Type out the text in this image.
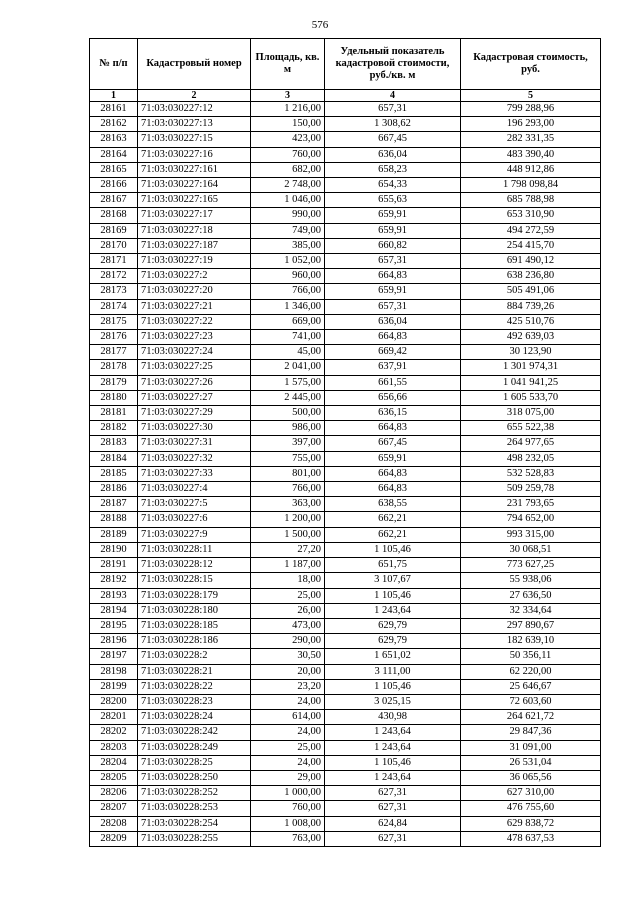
576
№ п/п	Кадастровый номер	Площадь, кв. м	Удельный показатель кадастровой стоимости, руб./кв. м	Кадастровая стоимость, руб.
1	2	3	4	5
28161	71:03:030227:12	1 216,00	657,31	799 288,96
28162	71:03:030227:13	150,00	1 308,62	196 293,00
28163	71:03:030227:15	423,00	667,45	282 331,35
28164	71:03:030227:16	760,00	636,04	483 390,40
28165	71:03:030227:161	682,00	658,23	448 912,86
28166	71:03:030227:164	2 748,00	654,33	1 798 098,84
28167	71:03:030227:165	1 046,00	655,63	685 788,98
28168	71:03:030227:17	990,00	659,91	653 310,90
28169	71:03:030227:18	749,00	659,91	494 272,59
28170	71:03:030227:187	385,00	660,82	254 415,70
28171	71:03:030227:19	1 052,00	657,31	691 490,12
28172	71:03:030227:2	960,00	664,83	638 236,80
28173	71:03:030227:20	766,00	659,91	505 491,06
28174	71:03:030227:21	1 346,00	657,31	884 739,26
28175	71:03:030227:22	669,00	636,04	425 510,76
28176	71:03:030227:23	741,00	664,83	492 639,03
28177	71:03:030227:24	45,00	669,42	30 123,90
28178	71:03:030227:25	2 041,00	637,91	1 301 974,31
28179	71:03:030227:26	1 575,00	661,55	1 041 941,25
28180	71:03:030227:27	2 445,00	656,66	1 605 533,70
28181	71:03:030227:29	500,00	636,15	318 075,00
28182	71:03:030227:30	986,00	664,83	655 522,38
28183	71:03:030227:31	397,00	667,45	264 977,65
28184	71:03:030227:32	755,00	659,91	498 232,05
28185	71:03:030227:33	801,00	664,83	532 528,83
28186	71:03:030227:4	766,00	664,83	509 259,78
28187	71:03:030227:5	363,00	638,55	231 793,65
28188	71:03:030227:6	1 200,00	662,21	794 652,00
28189	71:03:030227:9	1 500,00	662,21	993 315,00
28190	71:03:030228:11	27,20	1 105,46	30 068,51
28191	71:03:030228:12	1 187,00	651,75	773 627,25
28192	71:03:030228:15	18,00	3 107,67	55 938,06
28193	71:03:030228:179	25,00	1 105,46	27 636,50
28194	71:03:030228:180	26,00	1 243,64	32 334,64
28195	71:03:030228:185	473,00	629,79	297 890,67
28196	71:03:030228:186	290,00	629,79	182 639,10
28197	71:03:030228:2	30,50	1 651,02	50 356,11
28198	71:03:030228:21	20,00	3 111,00	62 220,00
28199	71:03:030228:22	23,20	1 105,46	25 646,67
28200	71:03:030228:23	24,00	3 025,15	72 603,60
28201	71:03:030228:24	614,00	430,98	264 621,72
28202	71:03:030228:242	24,00	1 243,64	29 847,36
28203	71:03:030228:249	25,00	1 243,64	31 091,00
28204	71:03:030228:25	24,00	1 105,46	26 531,04
28205	71:03:030228:250	29,00	1 243,64	36 065,56
28206	71:03:030228:252	1 000,00	627,31	627 310,00
28207	71:03:030228:253	760,00	627,31	476 755,60
28208	71:03:030228:254	1 008,00	624,84	629 838,72
28209	71:03:030228:255	763,00	627,31	478 637,53
